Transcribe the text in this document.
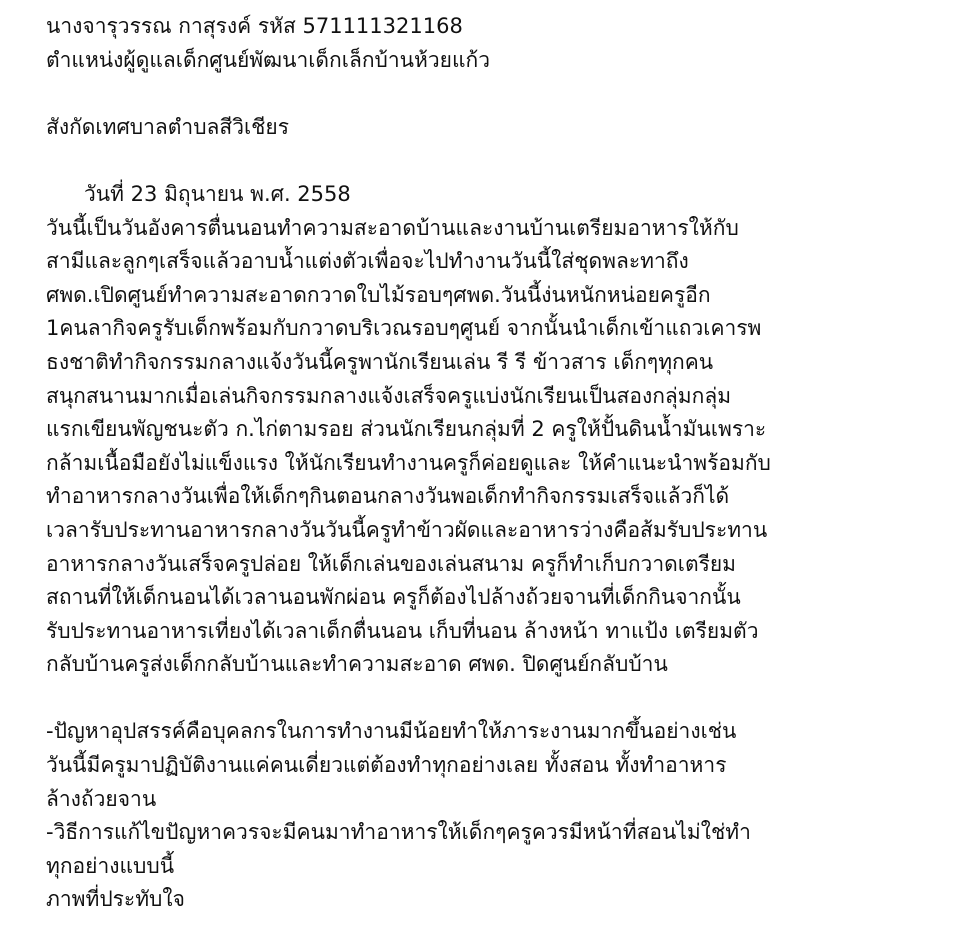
นางจารุวรรณ กาสุรงค์ รหัส 571111321168
ตำแหน่งผู้ดูแลเด็กศูนย์พัฒนาเด็กเล็กบ้านห้วยแก้ว
สังกัดเทศบาลตำบลสีวิเชียร
วันที่ 23 มิถุนายน พ.ศ. 2558
วันนี้เป็นวันอังคารตื่นนอนทำความสะอาดบ้านและงานบ้านเตรียมอาหารให้กับ
สามีและลูกๆเสร็จแล้วอาบน้ำแต่งตัวเพื่อจะไปทำงานวันนี้ใส่ชุดพละทาถึง
ศพด.เปิดศูนย์ทำความสะอาดกวาดใบไม้รอบๆศพด.วันนี้ง่นหนักหน่อยครูอีก
1คนลากิจครูรับเด็กพร้อมกับกวาดบริเวณรอบๆศูนย์ จากนั้นนำเด็กเข้าแถวเคารพ
ธงชาติทำกิจกรรมกลางแจ้งวันนี้ครูพานักเรียนเล่น รี รี ข้าวสาร เด็กๆทุกคน
สนุกสนานมากเมื่อเล่นกิจกรรมกลางแจ้งเสร็จครูแบ่งนักเรียนเป็นสองกลุ่มกลุ่ม
แรกเขียนพัญชนะตัว ก.ไก่ตามรอย ส่วนนักเรียนกลุ่มที่ 2 ครูให้ปั้นดินน้ำมันเพราะ
กล้ามเนื้อมือยังไม่แข็งแรง ให้นักเรียนทำงานครูก็ค่อยดูและ ให้คำแนะนำพร้อมกับ
ทำอาหารกลางวันเพื่อให้เด็กๆกินตอนกลางวันพอเด็กทำกิจกรรมเสร็จแล้วก็ได้
เวลารับประทานอาหารกลางวันวันนี้ครูทำข้าวผัดและอาหารว่างคือส้มรับประทาน
อาหารกลางวันเสร็จครูปล่อย ให้เด็กเล่นของเล่นสนาม ครูก็ทำเก็บกวาดเตรียม
สถานที่ให้เด็กนอนได้เวลานอนพักผ่อน ครูก็ต้องไปล้างถ้วยจานที่เด็กกินจากนั้น
รับประทานอาหารเที่ยงได้เวลาเด็กตื่นนอน เก็บที่นอน ล้างหน้า ทาแป้ง เตรียมตัว
กลับบ้านครูส่งเด็กกลับบ้านและทำความสะอาด ศพด. ปิดศูนย์กลับบ้าน
-ปัญหาอุปสรรค์คือบุคลกรในการทำงานมีน้อยทำให้ภาระงานมากขึ้นอย่างเช่น
วันนี้มีครูมาปฏิบัติงานแค่คนเดี่ยวแต่ต้องทำทุกอย่างเลย ทั้งสอน ทั้งทำอาหาร
ล้างถ้วยจาน
-วิธีการแก้ไขปัญหาควรจะมีคนมาทำอาหารให้เด็กๆครูควรมีหน้าที่สอนไม่ใช่ทำ
ทุกอย่างแบบนี้
ภาพที่ประทับใจ
